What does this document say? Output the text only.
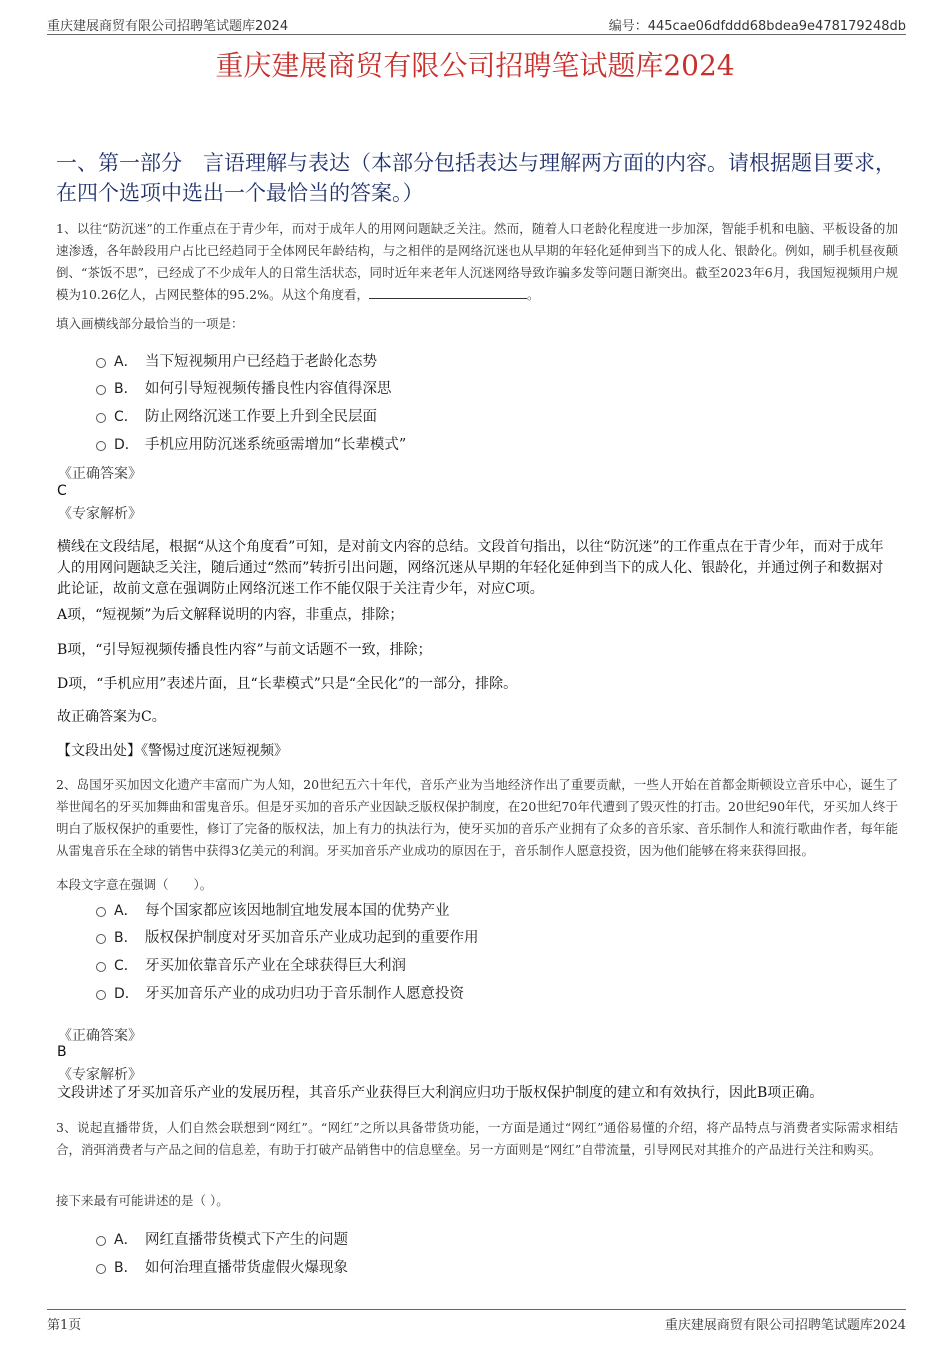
重庆建展商贸有限公司招聘笔试题库2024	编号：445cae06dfddd68bdea9e478179248db
重庆建展商贸有限公司招聘笔试题库2024
一、第一部分　言语理解与表达（本部分包括表达与理解两方面的内容。请根据题目要求，在四个选项中选出一个最恰当的答案。）

1、以往“防沉迷”的工作重点在于青少年，而对于成年人的用网问题缺乏关注。然而，随着人口老龄化程度进一步加深，智能手机和电脑、平板设备的加速渗透，各年龄段用户占比已经趋同于全体网民年龄结构，与之相伴的是网络沉迷也从早期的年轻化延伸到当下的成人化、银龄化。例如，刷手机昼夜颠倒、“茶饭不思”，已经成了不少成年人的日常生活状态，同时近年来老年人沉迷网络导致诈骗多发等问题日渐突出。截至2023年6月，我国短视频用户规模为10.26亿人，占网民整体的95.2%。从这个角度看，	。

填入画横线部分最恰当的一项是：
A． 当下短视频用户已经趋于老龄化态势
B． 如何引导短视频传播良性内容值得深思
C． 防止网络沉迷工作要上升到全民层面
D． 手机应用防沉迷系统亟需增加“长辈模式”
《正确答案》
C
《专家解析》

横线在文段结尾，根据“从这个角度看”可知，是对前文内容的总结。文段首句指出，以往“防沉迷”的工作重点在于青少年，而对于成年人的用网问题缺乏关注，随后通过“然而”转折引出问题，网络沉迷从早期的年轻化延伸到当下的成人化、银龄化，并通过例子和数据对此论证，故前文意在强调防止网络沉迷工作不能仅限于关注青少年，对应C项。

A项，“短视频”为后文解释说明的内容，非重点，排除；

B项，“引导短视频传播良性内容”与前文话题不一致，排除；

D项，“手机应用”表述片面，且“长辈模式”只是“全民化”的一部分，排除。

故正确答案为C。

【文段出处】《警惕过度沉迷短视频》

2、岛国牙买加因文化遗产丰富而广为人知，20世纪五六十年代，音乐产业为当地经济作出了重要贡献，一些人开始在首都金斯顿设立音乐中心，诞生了举世闻名的牙买加舞曲和雷鬼音乐。但是牙买加的音乐产业因缺乏版权保护制度，在20世纪70年代遭到了毁灭性的打击。20世纪90年代，牙买加人终于明白了版权保护的重要性，修订了完备的版权法，加上有力的执法行为，使牙买加的音乐产业拥有了众多的音乐家、音乐制作人和流行歌曲作者，每年能从雷鬼音乐在全球的销售中获得3亿美元的利润。牙买加音乐产业成功的原因在于，音乐制作人愿意投资，因为他们能够在将来获得回报。

本段文字意在强调（　　）。
A． 每个国家都应该因地制宜地发展本国的优势产业
B． 版权保护制度对牙买加音乐产业成功起到的重要作用
C． 牙买加依靠音乐产业在全球获得巨大利润
D． 牙买加音乐产业的成功归功于音乐制作人愿意投资
《正确答案》
B
《专家解析》

文段讲述了牙买加音乐产业的发展历程，其音乐产业获得巨大利润应归功于版权保护制度的建立和有效执行，因此B项正确。

3、说起直播带货，人们自然会联想到“网红”。“网红”之所以具备带货功能，一方面是通过“网红”通俗易懂的介绍，将产品特点与消费者实际需求相结合，消弭消费者与产品之间的信息差，有助于打破产品销售中的信息壁垒。另一方面则是“网红”自带流量，引导网民对其推介的产品进行关注和购买。

接下来最有可能讲述的是（ ）。
A． 网红直播带货模式下产生的问题
B． 如何治理直播带货虚假火爆现象
第1页	重庆建展商贸有限公司招聘笔试题库2024
